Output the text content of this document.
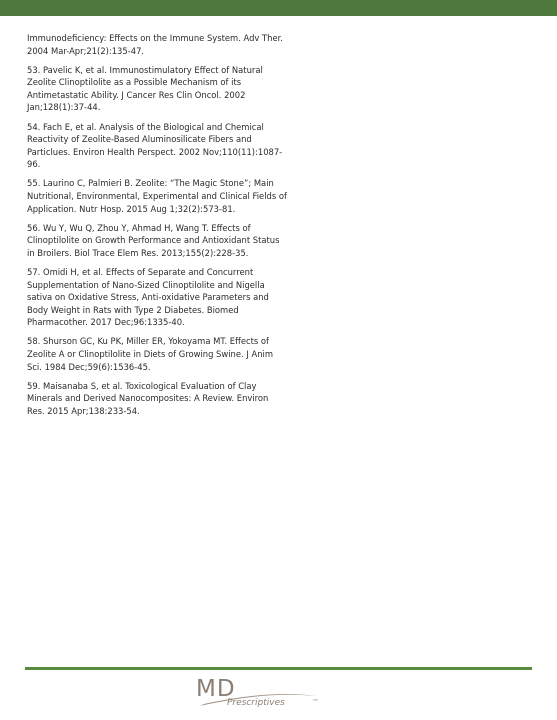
Immunodeficiency: Effects on the Immune System. Adv Ther. 2004 Mar-Apr;21(2):135-47.

53. Pavelic K, et al. Immunostimulatory Effect of Natural Zeolite Clinoptilolite as a Possible Mechanism of its Antimetastatic Ability. J Cancer Res Clin Oncol. 2002 Jan;128(1):37-44.

54. Fach E, et al. Analysis of the Biological and Chemical Reactivity of Zeolite-Based Aluminosilicate Fibers and Particlues. Environ Health Perspect. 2002 Nov;110(11):1087-96.

55. Laurino C, Palmieri B. Zeolite: “The Magic Stone”; Main Nutritional, Environmental, Experimental and Clinical Fields of Application. Nutr Hosp. 2015 Aug 1;32(2):573-81.

56. Wu Y, Wu Q, Zhou Y, Ahmad H, Wang T. Effects of Clinoptilolite on Growth Performance and Antioxidant Status in Broilers. Biol Trace Elem Res. 2013;155(2):228-35.

57. Omidi H, et al. Effects of Separate and Concurrent Supplementation of Nano-Sized Clinoptilolite and Nigella sativa on Oxidative Stress, Anti-oxidative Parameters and Body Weight in Rats with Type 2 Diabetes. Biomed Pharmacother. 2017 Dec;96:1335-40.

58. Shurson GC, Ku PK, Miller ER, Yokoyama MT. Effects of Zeolite A or Clinoptilolite in Diets of Growing Swine. J Anim Sci. 1984 Dec;59(6):1536-45.

59. Maisanaba S, et al. Toxicological Evaluation of Clay Minerals and Derived Nanocomposites: A Review. Environ Res. 2015 Apr;138:233-54.

MD
Prescriptives	TM
